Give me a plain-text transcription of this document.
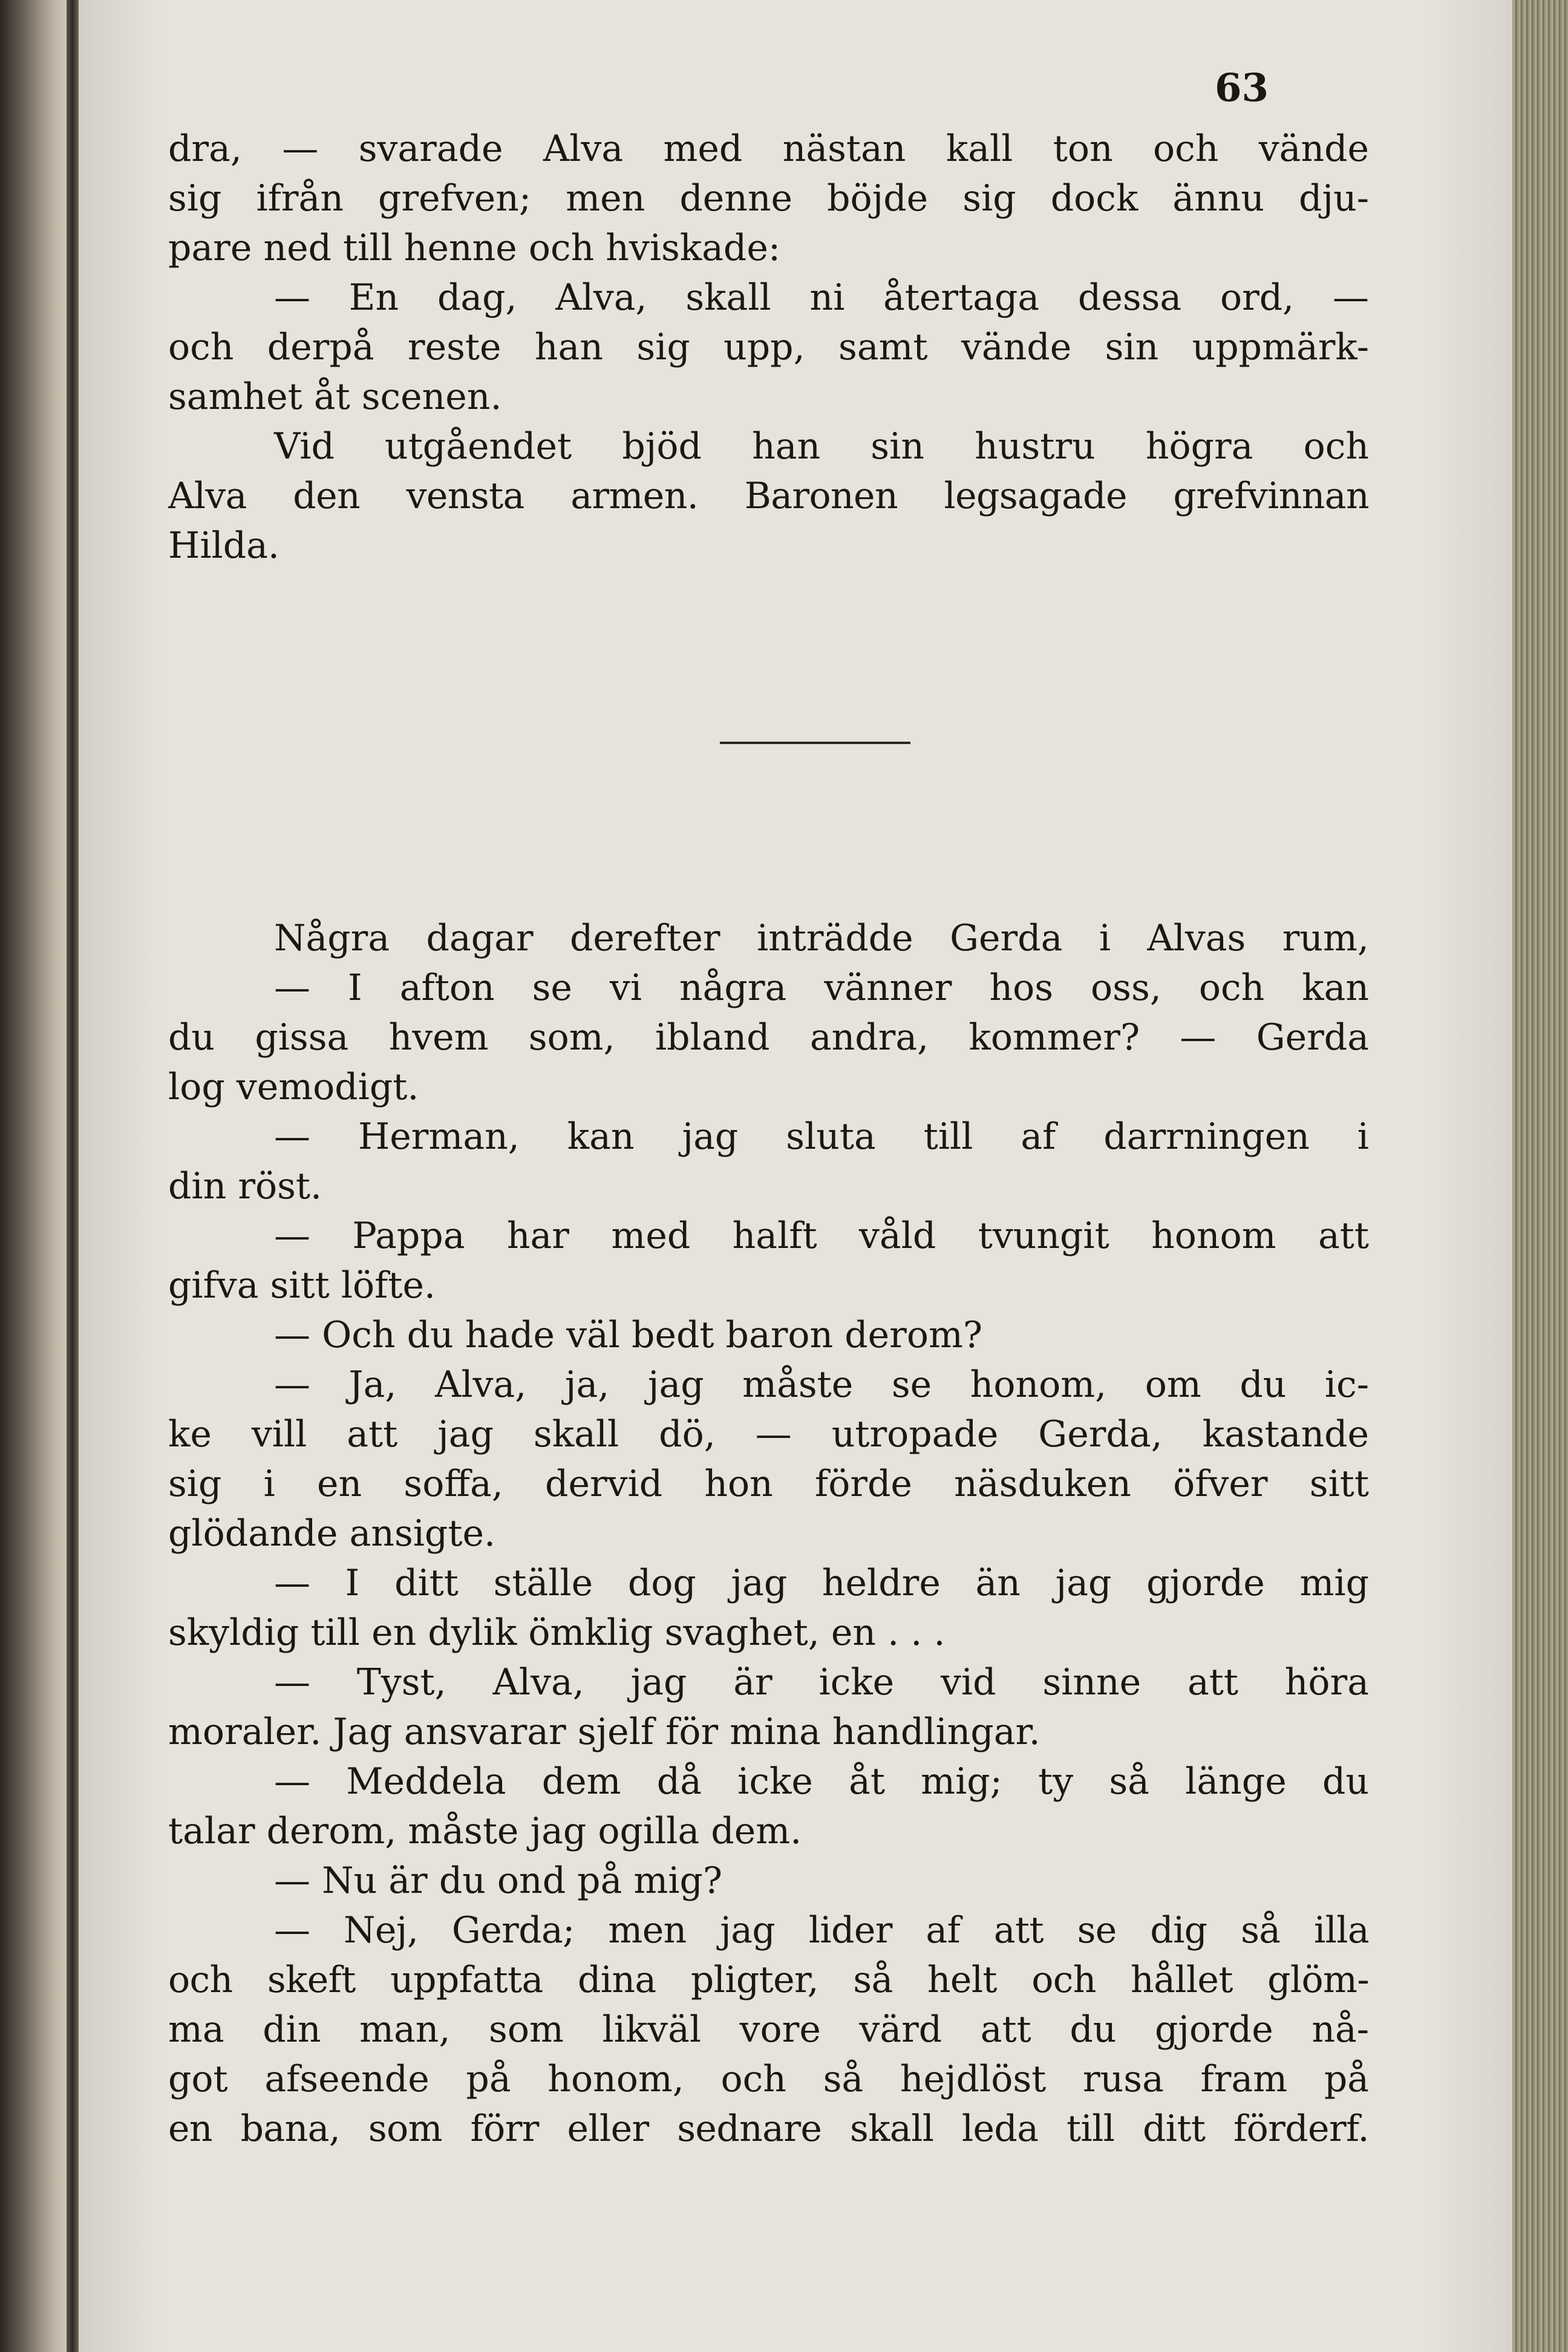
63
dra, — svarade Alva med nästan kall ton och vände
sig ifrån grefven; men denne böjde sig dock ännu dju-
pare ned till henne och hviskade:
— En dag, Alva, skall ni återtaga dessa ord, —
och derpå reste han sig upp, samt vände sin uppmärk-
samhet åt scenen.
Vid utgåendet bjöd han sin hustru högra och
Alva den vensta armen. Baronen legsagade grefvinnan
Hilda.
Några dagar derefter inträdde Gerda i Alvas rum,
— I afton se vi några vänner hos oss, och kan
du gissa hvem som, ibland andra, kommer? — Gerda
log vemodigt.
— Herman, kan jag sluta till af darrningen i
din röst.
— Pappa har med halft våld tvungit honom att
gifva sitt löfte.
— Och du hade väl bedt baron derom?
— Ja, Alva, ja, jag måste se honom, om du ic-
ke vill att jag skall dö, — utropade Gerda, kastande
sig i en soffa, dervid hon förde näsduken öfver sitt
glödande ansigte.
— I ditt ställe dog jag heldre än jag gjorde mig
skyldig till en dylik ömklig svaghet, en . . .
— Tyst, Alva, jag är icke vid sinne att höra
moraler. Jag ansvarar sjelf för mina handlingar.
— Meddela dem då icke åt mig; ty så länge du
talar derom, måste jag ogilla dem.
— Nu är du ond på mig?
— Nej, Gerda; men jag lider af att se dig så illa
och skeft uppfatta dina pligter, så helt och hållet glöm-
ma din man, som likväl vore värd att du gjorde nå-
got afseende på honom, och så hejdlöst rusa fram på
en bana, som förr eller sednare skall leda till ditt förderf.
